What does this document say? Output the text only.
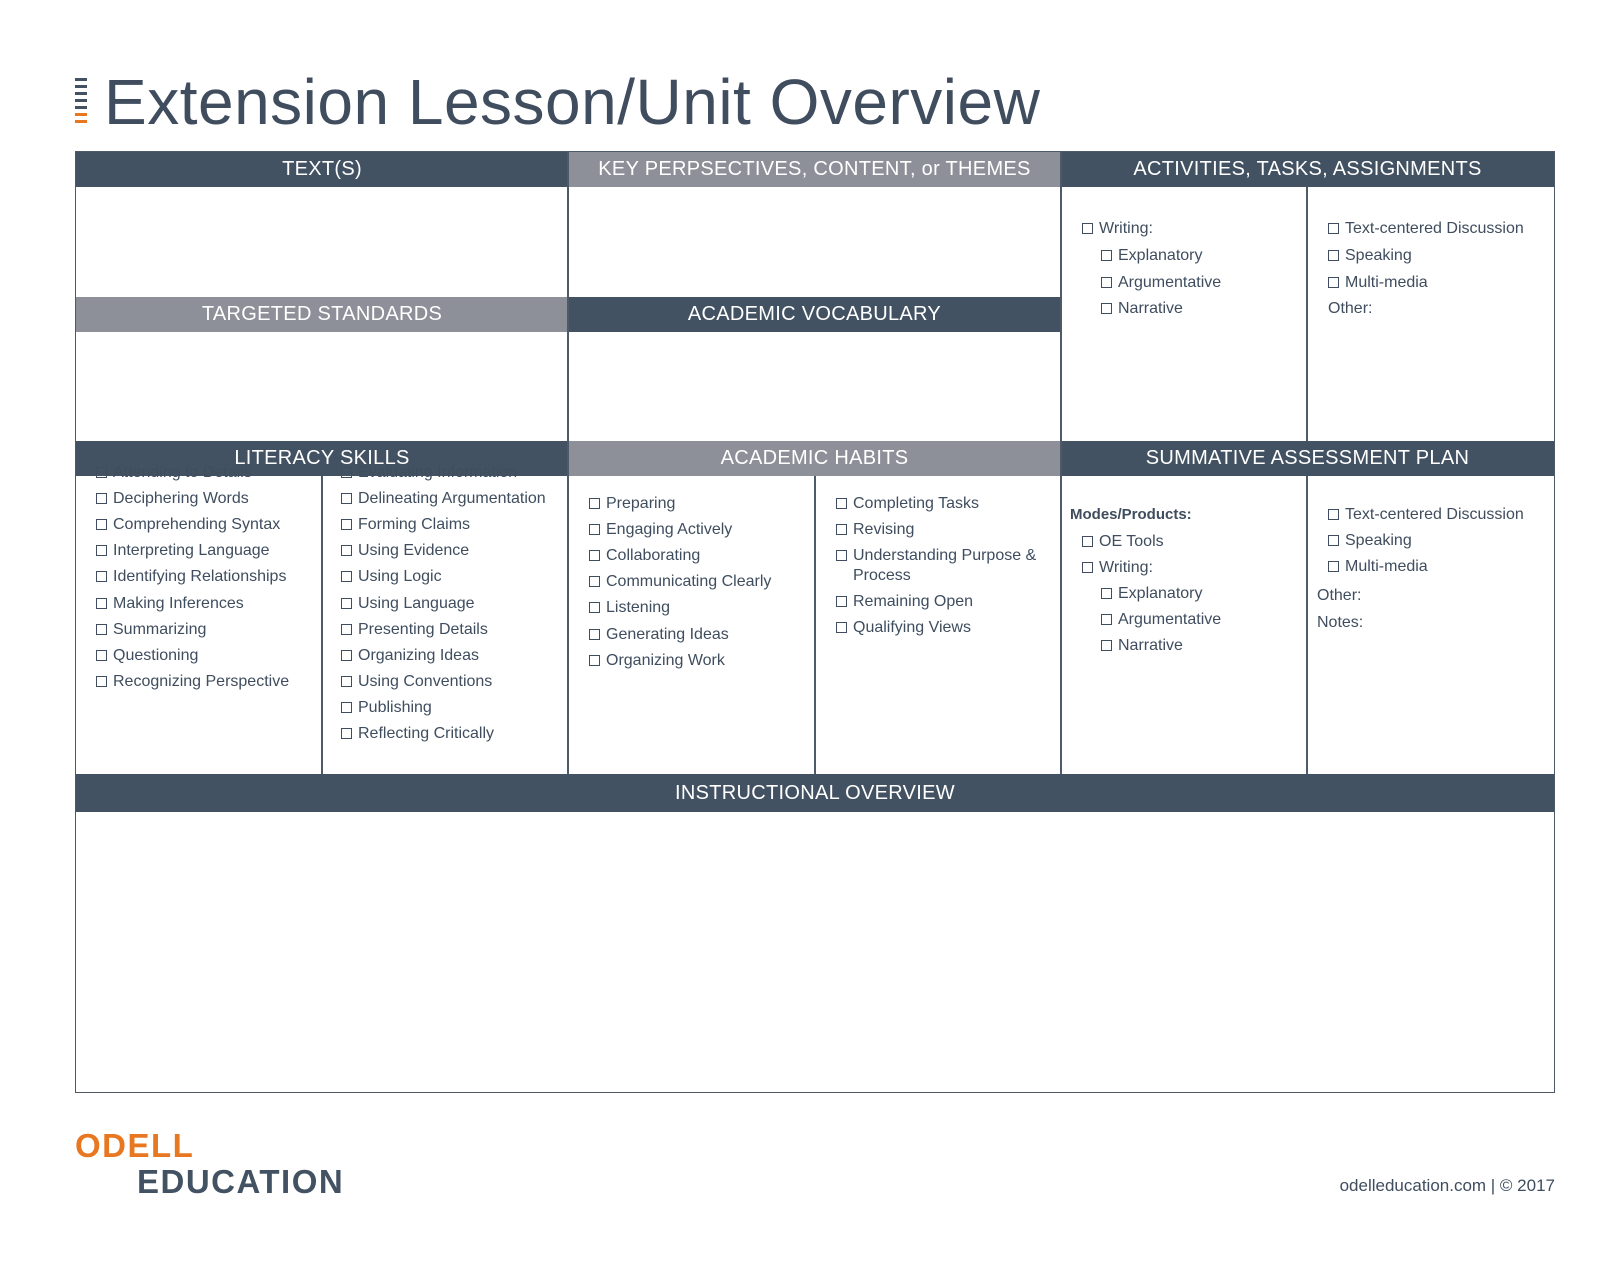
Extension Lesson/Unit Overview
TEXT(S)	KEY PERPSECTIVES, CONTENT, or THEMES	ACTIVITIES, TASKS, ASSIGNMENTS
TARGETED STANDARDS	ACADEMIC VOCABULARY
LITERACY SKILLS	ACADEMIC HABITS	SUMMATIVE ASSESSMENT PLAN
INSTRUCTIONAL OVERVIEW
Writing:
Explanatory
Argumentative
Narrative
Text-centered Discussion
Speaking
Multi-media
Other:
Attending to Details
Deciphering Words
Comprehending Syntax
Interpreting Language
Identifying Relationships
Making Inferences
Summarizing
Questioning
Recognizing Perspective
Evaluating Information
Delineating Argumentation
Forming Claims
Using Evidence
Using Logic
Using Language
Presenting Details
Organizing Ideas
Using Conventions
Publishing
Reflecting Critically
Preparing
Engaging Actively
Collaborating
Communicating Clearly
Listening
Generating Ideas
Organizing Work
Completing Tasks
Revising
Understanding Purpose &
Process
Remaining Open
Qualifying Views
Modes/Products:
OE Tools
Writing:
Explanatory
Argumentative
Narrative
Text-centered Discussion
Speaking
Multi-media
Other:
Notes:
ODELL
EDUCATION	odelleducation.com | © 2017
